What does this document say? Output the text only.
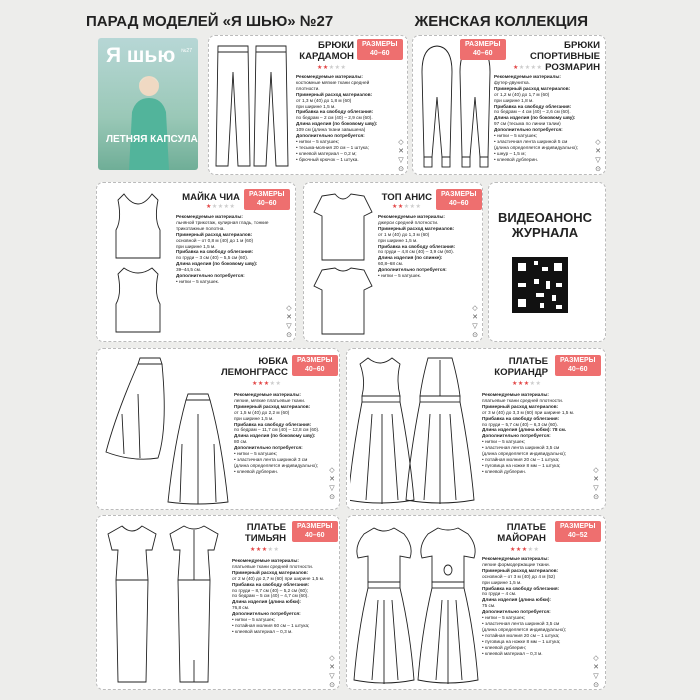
ПАРАД МОДЕЛЕЙ «Я ШЬЮ» №27	ЖЕНСКАЯ КОЛЛЕКЦИЯ
Я шью №27
ЛЕТНЯЯ КАПСУЛА
БРЮКИ
КАРДАМОН
РАЗМЕРЫ
40–60
★★★★★
Рекомендуемые материалы:
костюмные мягкие ткани средней
плотности.
Примерный расход материалов:
от 1,3 м (40) до 1,8 м (60)
при ширине 1,5 м.
Прибавка на свободу облегания:
по бедрам – 2 см (40) – 2,9 см (60).
Длина изделия (по боковому шву):
109 см (длина ткани завышена)
Дополнительно потребуется:
• нитки – 5 катушек;
• тесьма-молния 20 см – 1 штука;
• клеевой материал – 0,2 м;
• брючный крючок – 1 штука.
◇ ✕ ▽ ⊙
БРЮКИ СПОРТИВНЫЕ
РОЗМАРИН
РАЗМЕРЫ
40–60
★★★★★
Рекомендуемые материалы:
футер-двунитка.
Примерный расход материалов:
от 1,2 м (40) до 1,7 м (60)
при ширине 1,8 м.
Прибавка на свободу облегания:
по бедрам – 4 см (40) – 2,6 см (60).
Длина изделия (по боковому шву):
97 см (тесьма по линии талии)
Дополнительно потребуется:
• нитки – 5 катушек;
• эластичная лента шириной 5 см
(длина определяется индивидуально);
• шнур – 1,5 м;
• клеевой дублерин.
◇ ✕ ▽ ⊙
МАЙКА ЧИА	РАЗМЕРЫ
40–60
★★★★★
Рекомендуемые материалы:
льняной трикотаж, кулирная гладь, тонкие
трикотажные полотна.
Примерный расход материалов:
основной – от 0,8 м (40) до 1 м (60)
при ширине 1,5 м.
Прибавка на свободу облегания:
по груди – 3 см (40) – 5,5 см (60).
Длина изделия (по боковому шву):
39–44,5 см.
Дополнительно потребуется:
• нитки – 5 катушек.
◇ ✕ ▽ ⊙
ТОП АНИС	РАЗМЕРЫ
40–60
★★★★★
Рекомендуемые материалы:
джерси средней плотности.
Примерный расход материалов:
от 1 м (40) до 1,3 м (60)
при ширине 1,5 м.
Прибавка на свободу облегания:
по груди – 4,8 см (40) – 3,9 см (60).
Длина изделия (по спинке):
60,8–68 см.
Дополнительно потребуется:
• нитки – 5 катушек.
◇ ✕ ▽ ⊙
ВИДЕОАНОНС
ЖУРНАЛА
ЮБКА
ЛЕМОНГРАСС
РАЗМЕРЫ
40–60
★★★★★
Рекомендуемые материалы:
легкие, мягкие платьевые ткани.
Примерный расход материалов:
от 1,5 м (40) до 2,2 м (60)
при ширине 1,5 м.
Прибавка на свободу облегания:
по бедрам – 11,7 см (40) – 12,8 см (60).
Длина изделия (по боковому шву):
80 см.
Дополнительно потребуется:
• нитки – 5 катушек;
• эластичная лента шириной 3 см
(длина определяется индивидуально);
• клеевой дублерин.	◇ ✕ ▽ ⊙
ПЛАТЬЕ
КОРИАНДР
РАЗМЕРЫ
40–60
★★★★★
Рекомендуемые материалы:
платьевые ткани средней плотности.
Примерный расход материалов:
от 3 м (40) до 3,3 м (60) при ширине 1,5 м.
Прибавка на свободу облегания:
по груди – 5,7 см (40) – 6,3 см (60).
Длина изделия (длина юбки): 78 см.
Дополнительно потребуется:
• нитки – 5 катушек;
• эластичная лента шириной 3,5 см
(длина определяется индивидуально);
• потайная молния 20 см – 1 штука;
• пуговица на ножке 8 мм – 1 штука;
• клеевой дублерин.	◇ ✕ ▽ ⊙
ПЛАТЬЕ
ТИМЬЯН
РАЗМЕРЫ
40–60
★★★★★
Рекомендуемые материалы:
платьевые ткани средней плотности.
Примерный расход материалов:
от 2 м (40) до 2,7 м (60) при ширине 1,5 м.
Прибавка на свободу облегания:
по груди – 8,7 см (40) – 5,2 см (60);
по бедрам – 5 см (40) – 4,7 см (60).
Длина изделия (длина юбки):
76,8 см.
Дополнительно потребуется:
• нитки – 5 катушек;
• потайная молния 60 см – 1 штука;
• клеевой материал – 0,3 м.
◇ ✕ ▽ ⊙
ПЛАТЬЕ
МАЙОРАН
РАЗМЕРЫ
40–52
★★★★★
Рекомендуемые материалы:
легкие формодержащие ткани.
Примерный расход материалов:
основной – от 3 м (40) до 4 м (52)
при ширине 1,5 м.
Прибавка на свободу облегания:
по груди – 4 см.
Длина изделия (длина юбки):
75 см.
Дополнительно потребуется:
• нитки – 5 катушек;
• эластичная лента шириной 3,5 см
(длина определяется индивидуально);
• потайная молния 20 см – 1 штука;
• пуговица на ножке 8 мм – 1 штука;
• клеевой дублерин;
• клеевой материал – 0,3 м.
◇ ✕ ▽ ⊙
